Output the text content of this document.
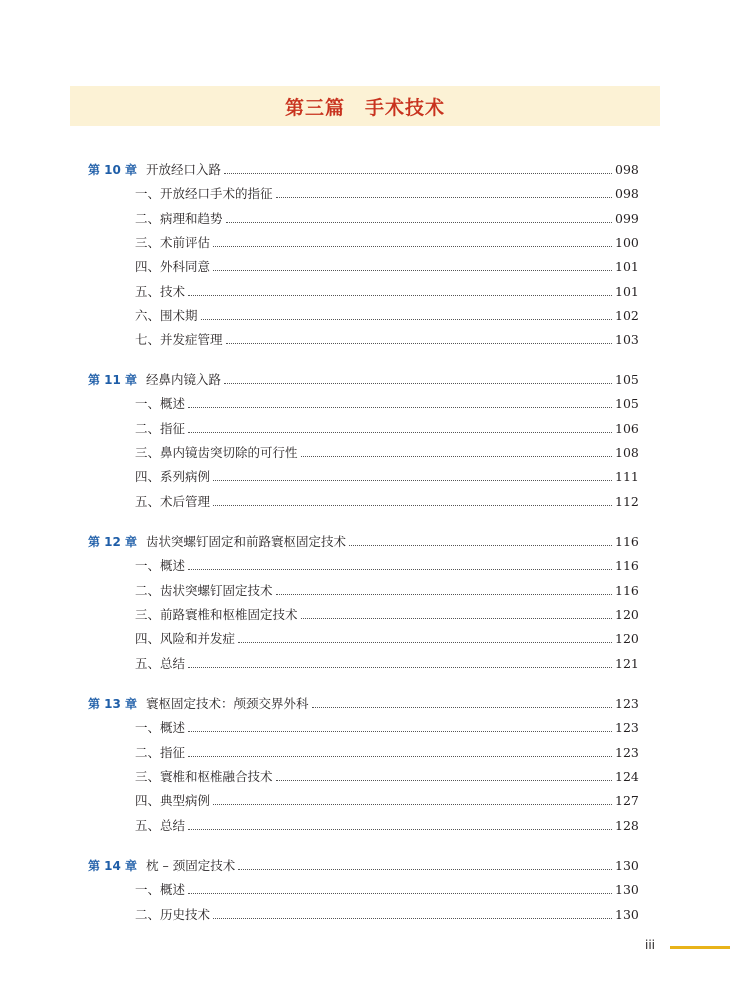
第三篇　手术技术
第 10 章 开放经口入路	098
一、开放经口手术的指征	098
二、病理和趋势	099
三、术前评估	100
四、外科同意	101
五、技术	101
六、围术期	102
七、并发症管理	103
第 11 章 经鼻内镜入路	105
一、概述	105
二、指征	106
三、鼻内镜齿突切除的可行性	108
四、系列病例	111
五、术后管理	112
第 12 章 齿状突螺钉固定和前路寰枢固定技术	116
一、概述	116
二、齿状突螺钉固定技术	116
三、前路寰椎和枢椎固定技术	120
四、风险和并发症	120
五、总结	121
第 13 章 寰枢固定技术：颅颈交界外科	123
一、概述	123
二、指征	123
三、寰椎和枢椎融合技术	124
四、典型病例	127
五、总结	128
第 14 章 枕 – 颈固定技术	130
一、概述	130
二、历史技术	130
iii
